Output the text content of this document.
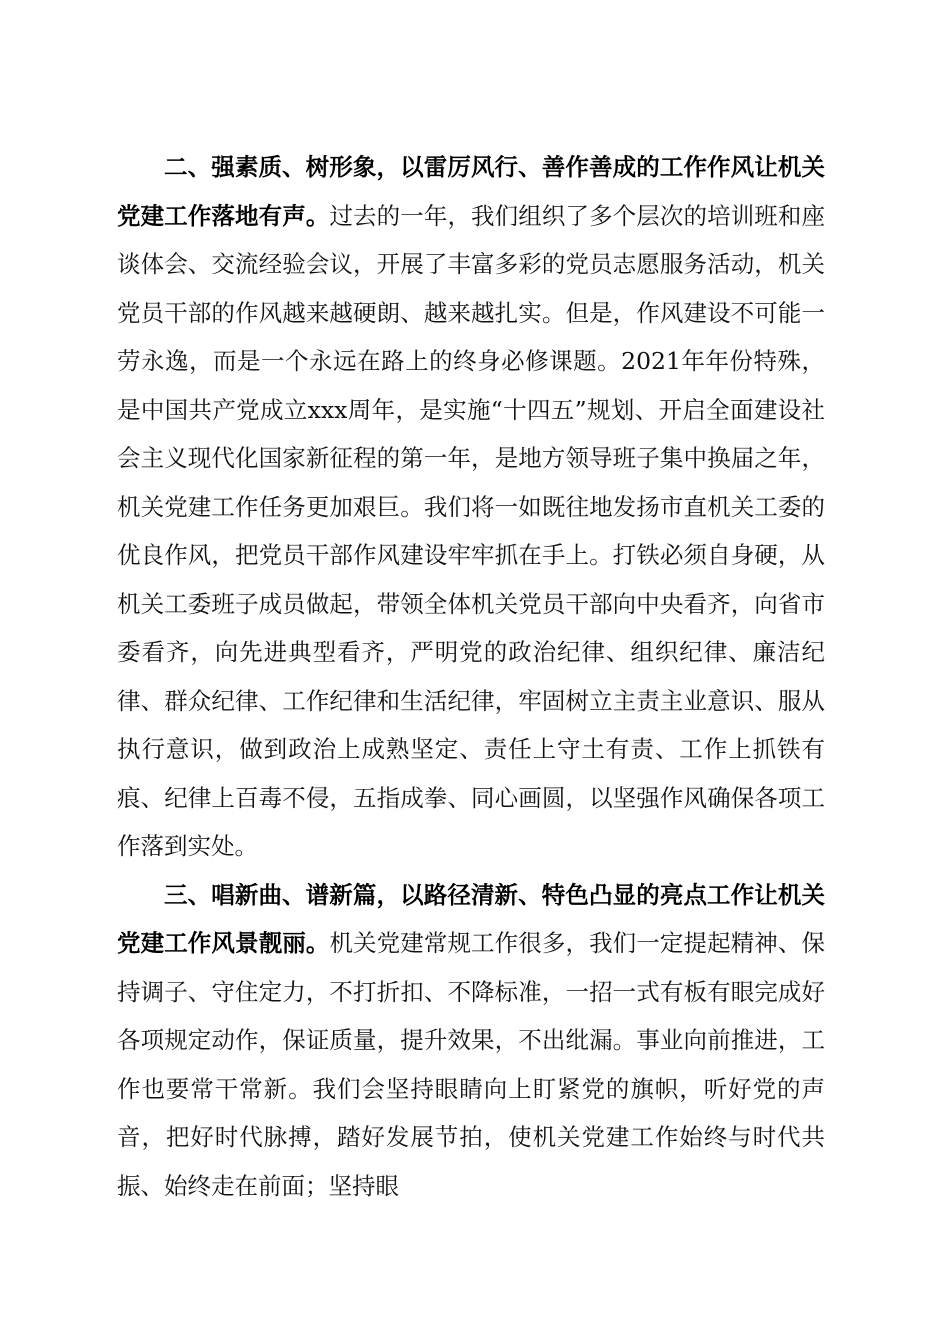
二、强素质、树形象，以雷厉风行、善作善成的工作作风让机关党建工作落地有声。过去的一年，我们组织了多个层次的培训班和座谈体会、交流经验会议，开展了丰富多彩的党员志愿服务活动，机关党员干部的作风越来越硬朗、越来越扎实。但是，作风建设不可能一劳永逸，而是一个永远在路上的终身必修课题。2021年年份特殊，是中国共产党成立xxx周年，是实施“十四五”规划、开启全面建设社会主义现代化国家新征程的第一年，是地方领导班子集中换届之年，机关党建工作任务更加艰巨。我们将一如既往地发扬市直机关工委的优良作风，把党员干部作风建设牢牢抓在手上。打铁必须自身硬，从机关工委班子成员做起，带领全体机关党员干部向中央看齐，向省市委看齐，向先进典型看齐，严明党的政治纪律、组织纪律、廉洁纪律、群众纪律、工作纪律和生活纪律，牢固树立主责主业意识、服从执行意识，做到政治上成熟坚定、责任上守土有责、工作上抓铁有痕、纪律上百毒不侵，五指成拳、同心画圆，以坚强作风确保各项工作落到实处。

三、唱新曲、谱新篇，以路径清新、特色凸显的亮点工作让机关党建工作风景靓丽。机关党建常规工作很多，我们一定提起精神、保持调子、守住定力，不打折扣、不降标准，一招一式有板有眼完成好各项规定动作，保证质量，提升效果，不出纰漏。事业向前推进，工作也要常干常新。我们会坚持眼睛向上盯紧党的旗帜，听好党的声音，把好时代脉搏，踏好发展节拍，使机关党建工作始终与时代共振、始终走在前面；坚持眼
